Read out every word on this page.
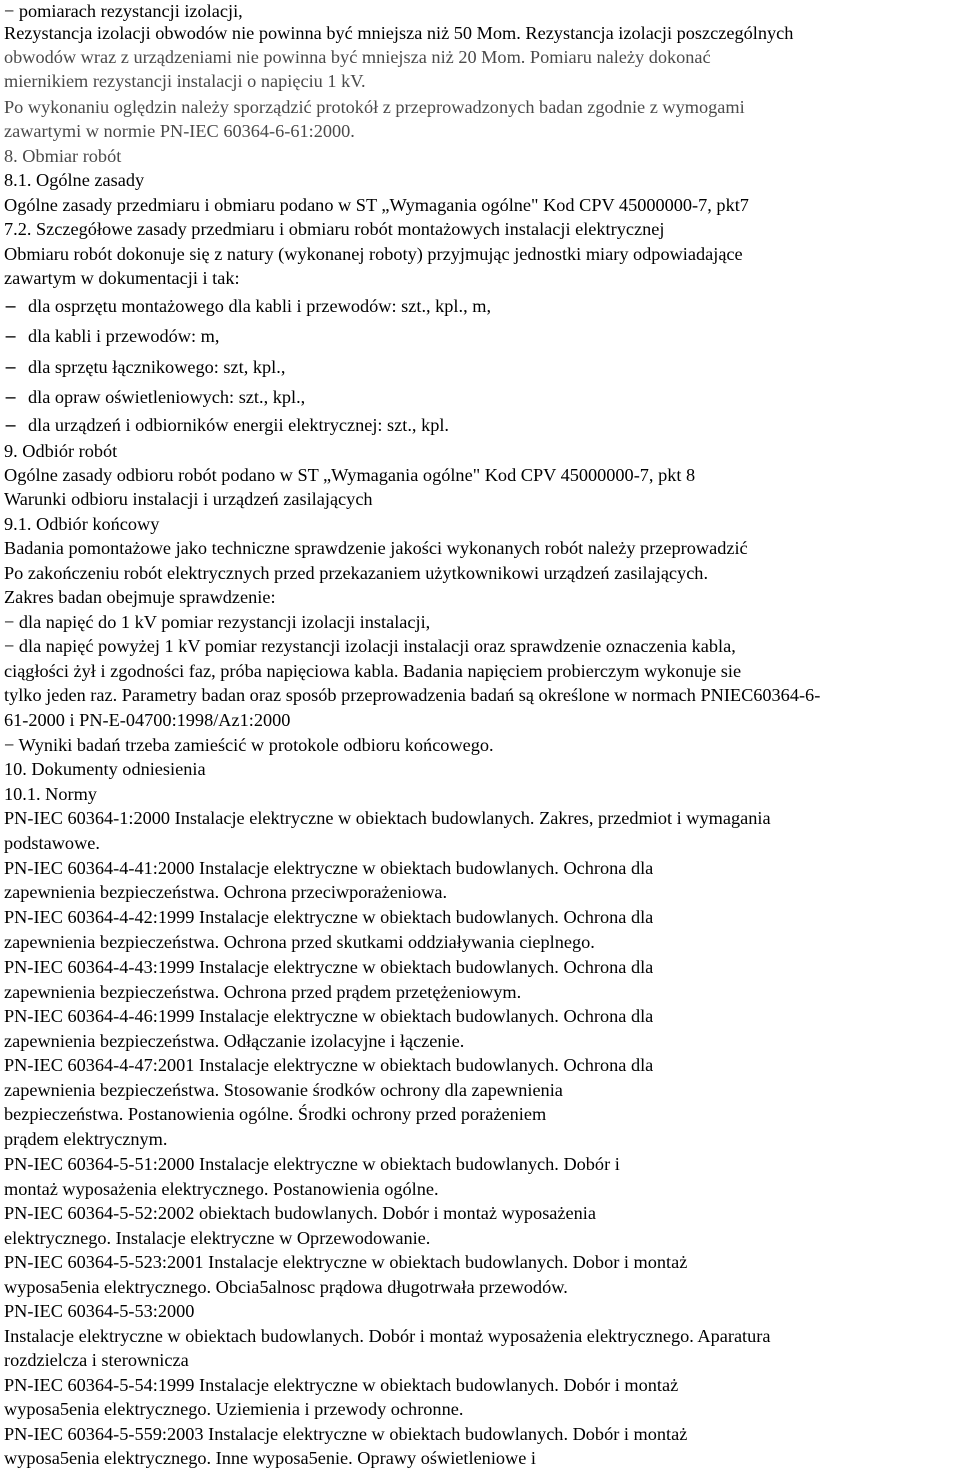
− pomiarach rezystancji izolacji,

Rezystancja izolacji obwodów nie powinna być mniejsza niż 50 Mom. Rezystancja izolacji poszczególnych

obwodów wraz z urządzeniami nie powinna być mniejsza niż 20 Mom. Pomiaru należy dokonać

miernikiem rezystancji instalacji o napięciu 1 kV.

Po wykonaniu oględzin należy sporządzić protokół z przeprowadzonych badan zgodnie z wymogami

zawartymi w normie PN-IEC 60364-6-61:2000.

8. Obmiar robót

8.1. Ogólne zasady

Ogólne zasady przedmiaru i obmiaru podano w ST „Wymagania ogólne" Kod CPV 45000000-7, pkt7

7.2. Szczegółowe zasady przedmiaru i obmiaru robót montażowych instalacji elektrycznej

Obmiaru robót dokonuje się z natury (wykonanej roboty) przyjmując jednostki miary odpowiadające

zawartym w dokumentacji i tak:

− dla osprzętu montażowego dla kabli i przewodów: szt., kpl., m,

− dla kabli i przewodów: m,

− dla sprzętu łącznikowego: szt, kpl.,

− dla opraw oświetleniowych: szt., kpl.,

− dla urządzeń i odbiorników energii elektrycznej: szt., kpl.

9. Odbiór robót

Ogólne zasady odbioru robót podano w ST „Wymagania ogólne" Kod CPV 45000000-7, pkt 8

Warunki odbioru instalacji i urządzeń zasilających

9.1. Odbiór końcowy

Badania pomontażowe jako techniczne sprawdzenie jakości wykonanych robót należy przeprowadzić

Po zakończeniu robót elektrycznych przed przekazaniem użytkownikowi urządzeń zasilających.

Zakres badan obejmuje sprawdzenie:

− dla napięć do 1 kV pomiar rezystancji izolacji instalacji,

− dla napięć powyżej 1 kV pomiar rezystancji izolacji instalacji oraz sprawdzenie oznaczenia kabla,

ciągłości żył i zgodności faz, próba napięciowa kabla. Badania napięciem probierczym wykonuje sie

tylko jeden raz. Parametry badan oraz sposób przeprowadzenia badań są określone w normach PNIEC60364-6-

61-2000 i PN-E-04700:1998/Az1:2000

− Wyniki badań trzeba zamieścić w protokole odbioru końcowego.

10. Dokumenty odniesienia

10.1. Normy

PN-IEC 60364-1:2000 Instalacje elektryczne w obiektach budowlanych. Zakres, przedmiot i wymagania

podstawowe.

PN-IEC 60364-4-41:2000 Instalacje elektryczne w obiektach budowlanych. Ochrona dla

zapewnienia bezpieczeństwa. Ochrona przeciwporażeniowa.

PN-IEC 60364-4-42:1999 Instalacje elektryczne w obiektach budowlanych. Ochrona dla

zapewnienia bezpieczeństwa. Ochrona przed skutkami oddziaływania cieplnego.

PN-IEC 60364-4-43:1999 Instalacje elektryczne w obiektach budowlanych. Ochrona dla

zapewnienia bezpieczeństwa. Ochrona przed prądem przetężeniowym.

PN-IEC 60364-4-46:1999 Instalacje elektryczne w obiektach budowlanych. Ochrona dla

zapewnienia bezpieczeństwa. Odłączanie izolacyjne i łączenie.

PN-IEC 60364-4-47:2001 Instalacje elektryczne w obiektach budowlanych. Ochrona dla

zapewnienia bezpieczeństwa. Stosowanie środków ochrony dla zapewnienia

bezpieczeństwa. Postanowienia ogólne. Środki ochrony przed porażeniem

prądem elektrycznym.

PN-IEC 60364-5-51:2000 Instalacje elektryczne w obiektach budowlanych. Dobór i

montaż wyposażenia elektrycznego. Postanowienia ogólne.

PN-IEC 60364-5-52:2002 obiektach budowlanych. Dobór i montaż wyposażenia

elektrycznego. Instalacje elektryczne w Oprzewodowanie.

PN-IEC 60364-5-523:2001 Instalacje elektryczne w obiektach budowlanych. Dobor i montaż

wyposa5enia elektrycznego. Obcia5alnosc prądowa długotrwała przewodów.

PN-IEC 60364-5-53:2000

Instalacje elektryczne w obiektach budowlanych. Dobór i montaż wyposażenia elektrycznego. Aparatura

rozdzielcza i sterownicza

PN-IEC 60364-5-54:1999 Instalacje elektryczne w obiektach budowlanych. Dobór i montaż

wyposa5enia elektrycznego. Uziemienia i przewody ochronne.

PN-IEC 60364-5-559:2003 Instalacje elektryczne w obiektach budowlanych. Dobór i montaż

wyposa5enia elektrycznego. Inne wyposa5enie. Oprawy oświetleniowe i
